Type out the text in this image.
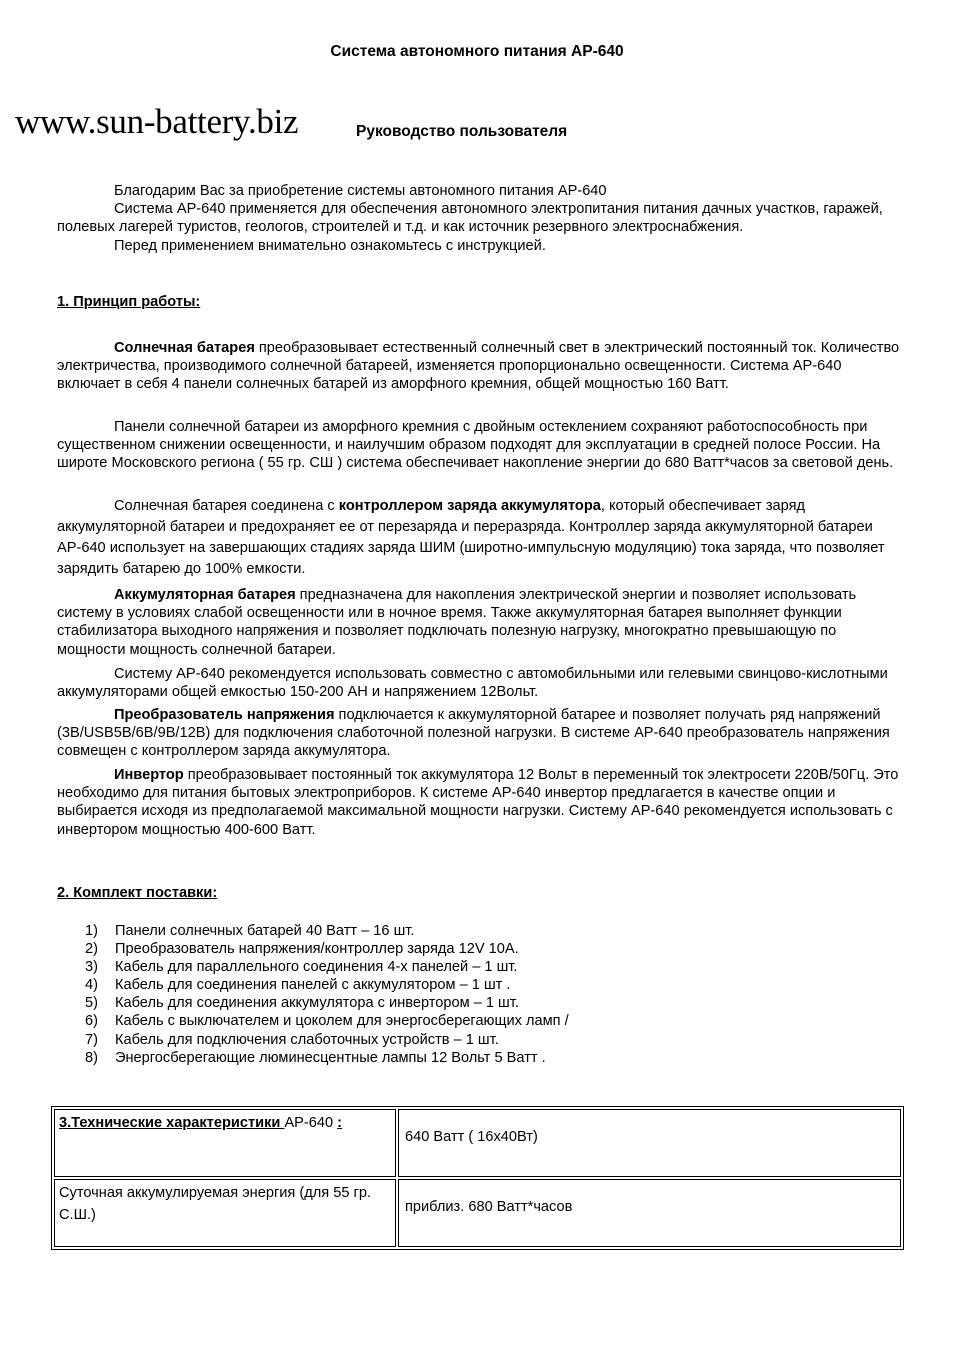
Система автономного питания АР-640
www.sun-battery.biz	Руководство пользователя
Благодарим Вас за приобретение системы автономного питания АР-640
Система АР-640 применяется для обеспечения автономного электропитания питания дачных участков, гаражей, полевых лагерей туристов, геологов, строителей и т.д. и как источник резервного электроснабжения.
Перед применением внимательно ознакомьтесь с инструкцией.
1. Принцип работы:
Солнечная батарея преобразовывает естественный солнечный свет в электрический постоянный ток. Количество электричества, производимого солнечной батареей, изменяется пропорционально освещенности. Система АР-640 включает в себя 4 панели солнечных батарей из аморфного кремния, общей мощностью 160 Ватт.
Панели солнечной батареи из аморфного кремния с двойным остеклением сохраняют работоспособность при существенном снижении освещенности, и наилучшим образом подходят для эксплуатации в средней полосе России. На широте Московского региона ( 55 гр. СШ ) система обеспечивает накопление энергии до 680 Ватт*часов за световой день.
Солнечная батарея соединена с контроллером заряда аккумулятора, который обеспечивает заряд аккумуляторной батареи и предохраняет ее от перезаряда и переразряда. Контроллер заряда аккумуляторной батареи АР-640 использует на завершающих стадиях заряда ШИМ (широтно-импульсную модуляцию) тока заряда, что позволяет зарядить батарею до 100% емкости.
Аккумуляторная батарея предназначена для накопления электрической энергии и позволяет использовать систему в условиях слабой освещенности или в ночное время. Также аккумуляторная батарея выполняет функции стабилизатора выходного напряжения и позволяет подключать полезную нагрузку, многократно превышающую по мощности мощность солнечной батареи.
Систему АР-640 рекомендуется использовать совместно с автомобильными или гелевыми свинцово-кислотными аккумуляторами общей емкостью 150-200 АН и напряжением 12Вольт.
Преобразователь напряжения подключается к аккумуляторной батарее и позволяет получать ряд напряжений (3В/USB5В/6В/9В/12В) для подключения слаботочной полезной нагрузки. В системе АР-640 преобразователь напряжения совмещен с контроллером заряда аккумулятора.
Инвертор преобразовывает постоянный ток аккумулятора 12 Вольт в переменный ток электросети 220В/50Гц. Это необходимо для питания бытовых электроприборов. К системе АР-640 инвертор предлагается в качестве опции и выбирается исходя из предполагаемой максимальной мощности нагрузки. Систему АР-640 рекомендуется использовать с инвертором мощностью 400-600 Ватт.
2. Комплект поставки:
1) Панели солнечных батарей 40 Ватт – 16 шт.
2) Преобразователь напряжения/контроллер заряда 12V 10А.
3) Кабель для параллельного соединения 4-х панелей – 1 шт.
4) Кабель для соединения панелей с аккумулятором – 1 шт .
5) Кабель для соединения аккумулятора с инвертором – 1 шт.
6) Кабель с выключателем и цоколем для энергосберегающих ламп /
7) Кабель для подключения слаботочных устройств – 1 шт.
8) Энергосберегающие люминесцентные лампы 12 Вольт 5 Ватт .
3.Технические характеристики АР-640 :	640 Ватт ( 16х40Вт)
Суточная аккумулируемая энергия (для 55 гр. С.Ш.)	приблиз. 680 Ватт*часов
